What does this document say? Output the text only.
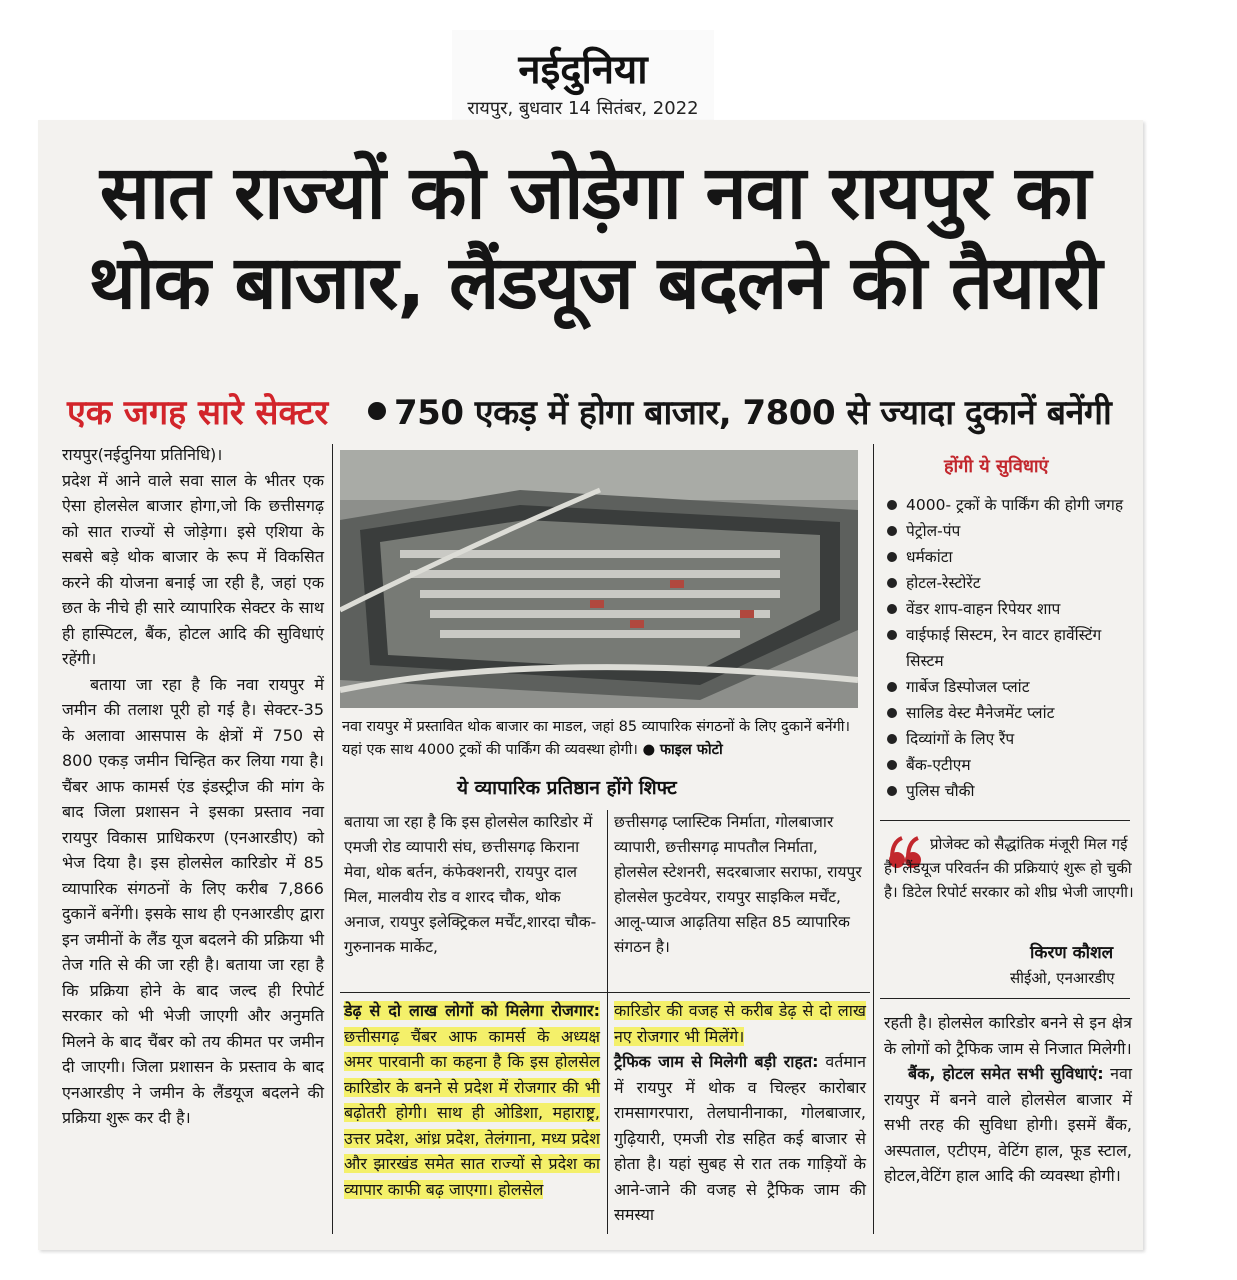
नईदुनिया
रायपुर, बुधवार 14 सितंबर, 2022
सात राज्यों को जोड़ेगा नवा रायपुर का
थोक बाजार, लैंडयूज बदलने की तैयारी
एक जगह सारे सेक्टर 750 एकड़ में होगा बाजार, 7800 से ज्यादा दुकानें बनेंगी

रायपुर(नईदुनिया प्रतिनिधि)।

प्रदेश में आने वाले सवा साल के भीतर एक ऐसा होलसेल बाजार होगा,जो कि छत्तीसगढ़ को सात राज्यों से जोड़ेगा। इसे एशिया के सबसे बड़े थोक बाजार के रूप में विकसित करने की योजना बनाई जा रही है, जहां एक छत के नीचे ही सारे व्यापारिक सेक्टर के साथ ही हास्पिटल, बैंक, होटल आदि की सुविधाएं रहेंगी।

बताया जा रहा है कि नवा रायपुर में जमीन की तलाश पूरी हो गई है। सेक्टर-35 के अलावा आसपास के क्षेत्रों में 750 से 800 एकड़ जमीन चिन्हित कर लिया गया है। चैंबर आफ कामर्स एंड इंडस्ट्रीज की मांग के बाद जिला प्रशासन ने इसका प्रस्ताव नवा रायपुर विकास प्राधिकरण (एनआरडीए) को भेज दिया है। इस होलसेल कारिडोर में 85 व्यापारिक संगठनों के लिए करीब 7,866 दुकानें बनेंगी। इसके साथ ही एनआरडीए द्वारा इन जमीनों के लैंड यूज बदलने की प्रक्रिया भी तेज गति से की जा रही है। बताया जा रहा है कि प्रक्रिया होने के बाद जल्द ही रिपोर्ट सरकार को भी भेजी जाएगी और अनुमति मिलने के बाद चैंबर को तय कीमत पर जमीन दी जाएगी। जिला प्रशासन के प्रस्ताव के बाद एनआरडीए ने जमीन के लैंडयूज बदलने की प्रक्रिया शुरू कर दी है।

नवा रायपुर में प्रस्तावित थोक बाजार का माडल, जहां 85 व्यापारिक संगठनों के लिए दुकानें बनेंगी। यहां एक साथ 4000 ट्रकों की पार्किंग की व्यवस्था होगी। ● फाइल फोटो
ये व्यापारिक प्रतिष्ठान होंगे शिफ्ट

बताया जा रहा है कि इस होलसेल कारिडोर में एमजी रोड व्यापारी संघ, छत्तीसगढ़ किराना मेवा, थोक बर्तन, कंफेक्शनरी, रायपुर दाल मिल, मालवीय रोड व शारद चौक, थोक अनाज, रायपुर इलेक्ट्रिकल मर्चेंट,शारदा चौक-गुरुनानक मार्केट,

छत्तीसगढ़ प्लास्टिक निर्माता, गोलबाजार व्यापारी, छत्तीसगढ़ मापतौल निर्माता, होलसेल स्टेशनरी, सदरबाजार सराफा, रायपुर होलसेल फुटवेयर, रायपुर साइकिल मर्चेंट, आलू-प्याज आढ़तिया सहित 85 व्यापारिक संगठन है।

डेढ़ से दो लाख लोगों को मिलेगा रोजगार: छत्तीसगढ़ चैंबर आफ कामर्स के अध्यक्ष अमर पारवानी का कहना है कि इस होलसेल कारिडोर के बनने से प्रदेश में रोजगार की भी बढ़ोतरी होगी। साथ ही ओडिशा, महाराष्ट्र, उत्तर प्रदेश, आंध्र प्रदेश, तेलंगाना, मध्य प्रदेश और झारखंड समेत सात राज्यों से प्रदेश का व्यापार काफी बढ़ जाएगा। होलसेल

कारिडोर की वजह से करीब डेढ़ से दो लाख नए रोजगार भी मिलेंगे।

ट्रैफिक जाम से मिलेगी बड़ी राहत: वर्तमान में रायपुर में थोक व चिल्हर कारोबार रामसागरपारा, तेलघानीनाका, गोलबाजार, गुढ़ियारी, एमजी रोड सहित कई बाजार से होता है। यहां सुबह से रात तक गाड़ियों के आने-जाने की वजह से ट्रैफिक जाम की समस्या

होंगी ये सुविधाएं
4000- ट्रकों के पार्किंग की होगी जगह
पेट्रोल-पंप
धर्मकांटा
होटल-रेस्टोरेंट
वेंडर शाप-वाहन रिपेयर शाप
वाईफाई सिस्टम, रेन वाटर हार्वेस्टिंग सिस्टम
गार्बेज डिस्पोजल प्लांट
सालिड वेस्ट मैनेजमेंट प्लांट
दिव्यांगों के लिए रैंप
बैंक-एटीएम
पुलिस चौकी
प्रोजेक्ट को सैद्धांतिक मंजूरी मिल गई है। लैंडयूज परिवर्तन की प्रक्रियाएं शुरू हो चुकी है। डिटेल रिपोर्ट सरकार को शीघ्र भेजी जाएगी।
किरण कौशल
सीईओ, एनआरडीए

रहती है। होलसेल कारिडोर बनने से इन क्षेत्र के लोगों को ट्रैफिक जाम से निजात मिलेगी।

बैंक, होटल समेत सभी सुविधाएं: नवा रायपुर में बनने वाले होलसेल बाजार में सभी तरह की सुविधा होगी। इसमें बैंक, अस्पताल, एटीएम, वेटिंग हाल, फूड स्टाल, होटल,वेटिंग हाल आदि की व्यवस्था होगी।
